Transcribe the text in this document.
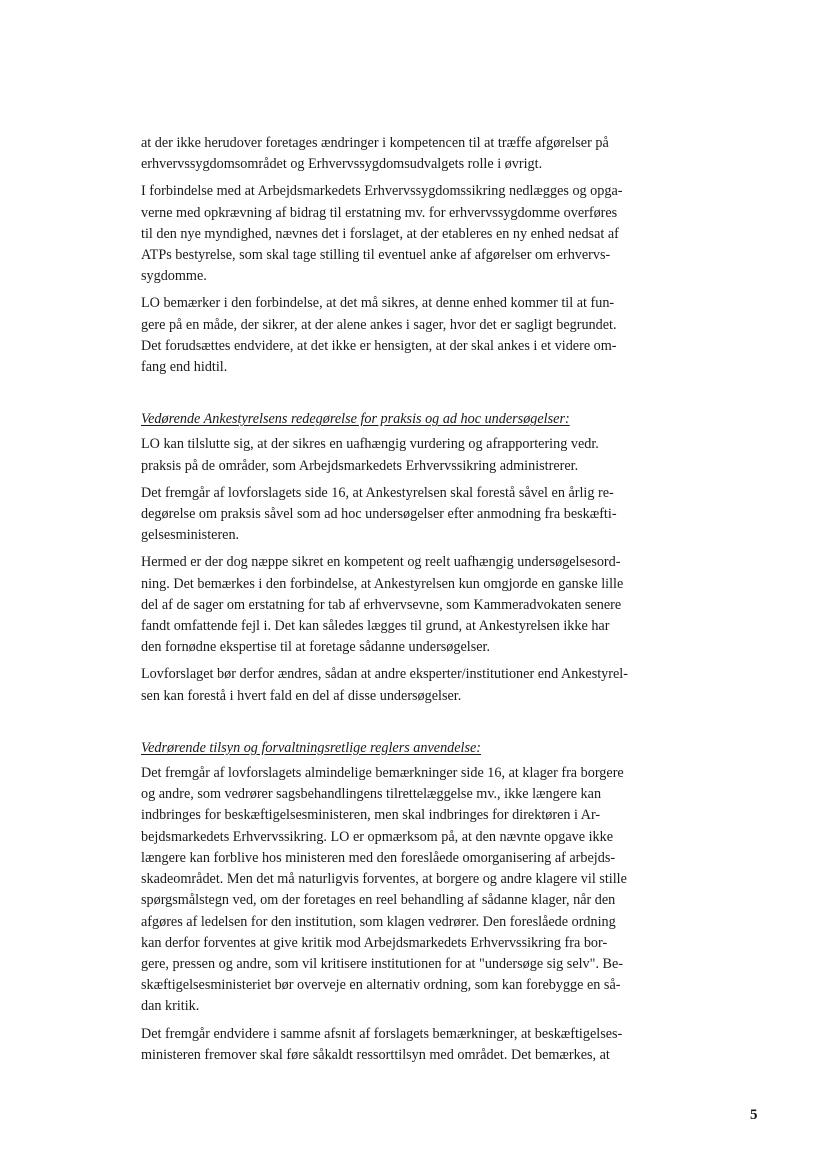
at der ikke herudover foretages ændringer i kompetencen til at træffe afgørelser på
erhvervssygdomsområdet og Erhvervssygdomsudvalgets rolle i øvrigt.

I forbindelse med at Arbejdsmarkedets Erhvervssygdomssikring nedlægges og opga-
verne med opkrævning af bidrag til erstatning mv. for erhvervssygdomme overføres
til den nye myndighed, nævnes det i forslaget, at der etableres en ny enhed nedsat af
ATPs bestyrelse, som skal tage stilling til eventuel anke af afgørelser om erhvervs-
sygdomme.

LO bemærker i den forbindelse, at det må sikres, at denne enhed kommer til at fun-
gere på en måde, der sikrer, at der alene ankes i sager, hvor det er sagligt begrundet.
Det forudsættes endvidere, at det ikke er hensigten, at der skal ankes i et videre om-
fang end hidtil.

Vedørende Ankestyrelsens redegørelse for praksis og ad hoc undersøgelser:

LO kan tilslutte sig, at der sikres en uafhængig vurdering og afrapportering vedr.
praksis på de områder, som Arbejdsmarkedets Erhvervssikring administrerer.

Det fremgår af lovforslagets side 16, at Ankestyrelsen skal forestå såvel en årlig re-
degørelse om praksis såvel som ad hoc undersøgelser efter anmodning fra beskæfti-
gelsesministeren.

Hermed er der dog næppe sikret en kompetent og reelt uafhængig undersøgelsesord-
ning. Det bemærkes i den forbindelse, at Ankestyrelsen kun omgjorde en ganske lille
del af de sager om erstatning for tab af erhvervsevne, som Kammeradvokaten senere
fandt omfattende fejl i. Det kan således lægges til grund, at Ankestyrelsen ikke har
den fornødne ekspertise til at foretage sådanne undersøgelser.

Lovforslaget bør derfor ændres, sådan at andre eksperter/institutioner end Ankestyrel-
sen kan forestå i hvert fald en del af disse undersøgelser.

Vedrørende tilsyn og forvaltningsretlige reglers anvendelse:

Det fremgår af lovforslagets almindelige bemærkninger side 16, at klager fra borgere
og andre, som vedrører sagsbehandlingens tilrettelæggelse mv., ikke længere kan
indbringes for beskæftigelsesministeren, men skal indbringes for direktøren i Ar-
bejdsmarkedets Erhvervssikring. LO er opmærksom på, at den nævnte opgave ikke
længere kan forblive hos ministeren med den foreslåede omorganisering af arbejds-
skadeområdet. Men det må naturligvis forventes, at borgere og andre klagere vil stille
spørgsmålstegn ved, om der foretages en reel behandling af sådanne klager, når den
afgøres af ledelsen for den institution, som klagen vedrører. Den foreslåede ordning
kan derfor forventes at give kritik mod Arbejdsmarkedets Erhvervssikring fra bor-
gere, pressen og andre, som vil kritisere institutionen for at "undersøge sig selv". Be-
skæftigelsesministeriet bør overveje en alternativ ordning, som kan forebygge en så-
dan kritik.

Det fremgår endvidere i samme afsnit af forslagets bemærkninger, at beskæftigelses-
ministeren fremover skal føre såkaldt ressorttilsyn med området. Det bemærkes, at

5
